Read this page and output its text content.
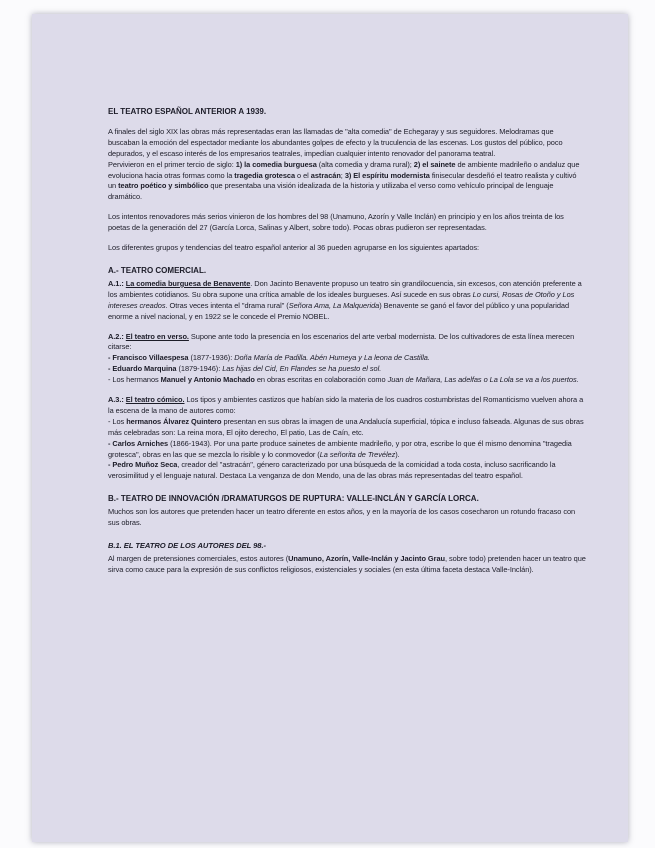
EL TEATRO ESPAÑOL ANTERIOR A 1939.

A finales del siglo XIX las obras más representadas eran las llamadas de "alta comedia" de Echegaray y sus seguidores. Melodramas que buscaban la emoción del espectador mediante los abundantes golpes de efecto y la truculencia de las escenas. Los gustos del público, poco depurados, y el escaso interés de los empresarios teatrales, impedían cualquier intento renovador del panorama teatral.

Pervivieron en el primer tercio de siglo: 1) la comedia burguesa (alta comedia y drama rural); 2) el sainete de ambiente madrileño o andaluz que evoluciona hacia otras formas como la tragedia grotesca o el astracán; 3) El espíritu modernista finisecular desdeñó el teatro realista y cultivó un teatro poético y simbólico que presentaba una visión idealizada de la historia y utilizaba el verso como vehículo principal de lenguaje dramático.

Los intentos renovadores más serios vinieron de los hombres del 98 (Unamuno, Azorín y Valle Inclán) en principio y en los años treinta de los poetas de la generación del 27 (García Lorca, Salinas y Albert, sobre todo). Pocas obras pudieron ser representadas.

Los diferentes grupos y tendencias del teatro español anterior al 36 pueden agruparse en los siguientes apartados:

A.- TEATRO COMERCIAL.

A.1.: La comedia burguesa de Benavente. Don Jacinto Benavente propuso un teatro sin grandilocuencia, sin excesos, con atención preferente a los ambientes cotidianos. Su obra supone una crítica amable de los ideales burgueses. Así sucede en sus obras Lo cursi, Rosas de Otoño y Los intereses creados. Otras veces intenta el "drama rural" (Señora Ama, La Malquerida) Benavente se ganó el favor del público y una popularidad enorme a nivel nacional, y en 1922 se le concede el Premio NOBEL.

A.2.: El teatro en verso. Supone ante todo la presencia en los escenarios del arte verbal modernista. De los cultivadores de esta línea merecen citarse:

- Francisco Villaespesa (1877-1936): Doña María de Padilla. Abén Humeya y La leona de Castilla.

- Eduardo Marquina (1879-1946): Las hijas del Cid, En Flandes se ha puesto el sol.

- Los hermanos Manuel y Antonio Machado en obras escritas en colaboración como Juan de Mañara, Las adelfas o La Lola se va a los puertos.

A.3.: El teatro cómico. Los tipos y ambientes castizos que habían sido la materia de los cuadros costumbristas del Romanticismo vuelven ahora a la escena de la mano de autores como:

- Los hermanos Álvarez Quintero presentan en sus obras la imagen de una Andalucía superficial, tópica e incluso falseada. Algunas de sus obras más celebradas son: La reina mora, El ojito derecho, El patio, Las de Caín, etc.

- Carlos Arniches (1866-1943). Por una parte produce sainetes de ambiente madrileño, y por otra, escribe lo que él mismo denomina "tragedia grotesca", obras en las que se mezcla lo risible y lo conmovedor (La señorita de Trevélez).

- Pedro Muñoz Seca, creador del "astracán", género caracterizado por una búsqueda de la comicidad a toda costa, incluso sacrificando la verosimilitud y el lenguaje natural. Destaca La venganza de don Mendo, una de las obras más representadas del teatro español.

B.- TEATRO DE INNOVACIÓN /DRAMATURGOS DE RUPTURA: VALLE-INCLÁN Y GARCÍA LORCA.

Muchos son los autores que pretenden hacer un teatro diferente en estos años, y en la mayoría de los casos cosecharon un rotundo fracaso con sus obras.

B.1. EL TEATRO DE LOS AUTORES DEL 98.-

Al margen de pretensiones comerciales, estos autores (Unamuno, Azorín, Valle-Inclán y Jacinto Grau, sobre todo) pretenden hacer un teatro que sirva como cauce para la expresión de sus conflictos religiosos, existenciales y sociales (en esta última faceta destaca Valle-Inclán).
